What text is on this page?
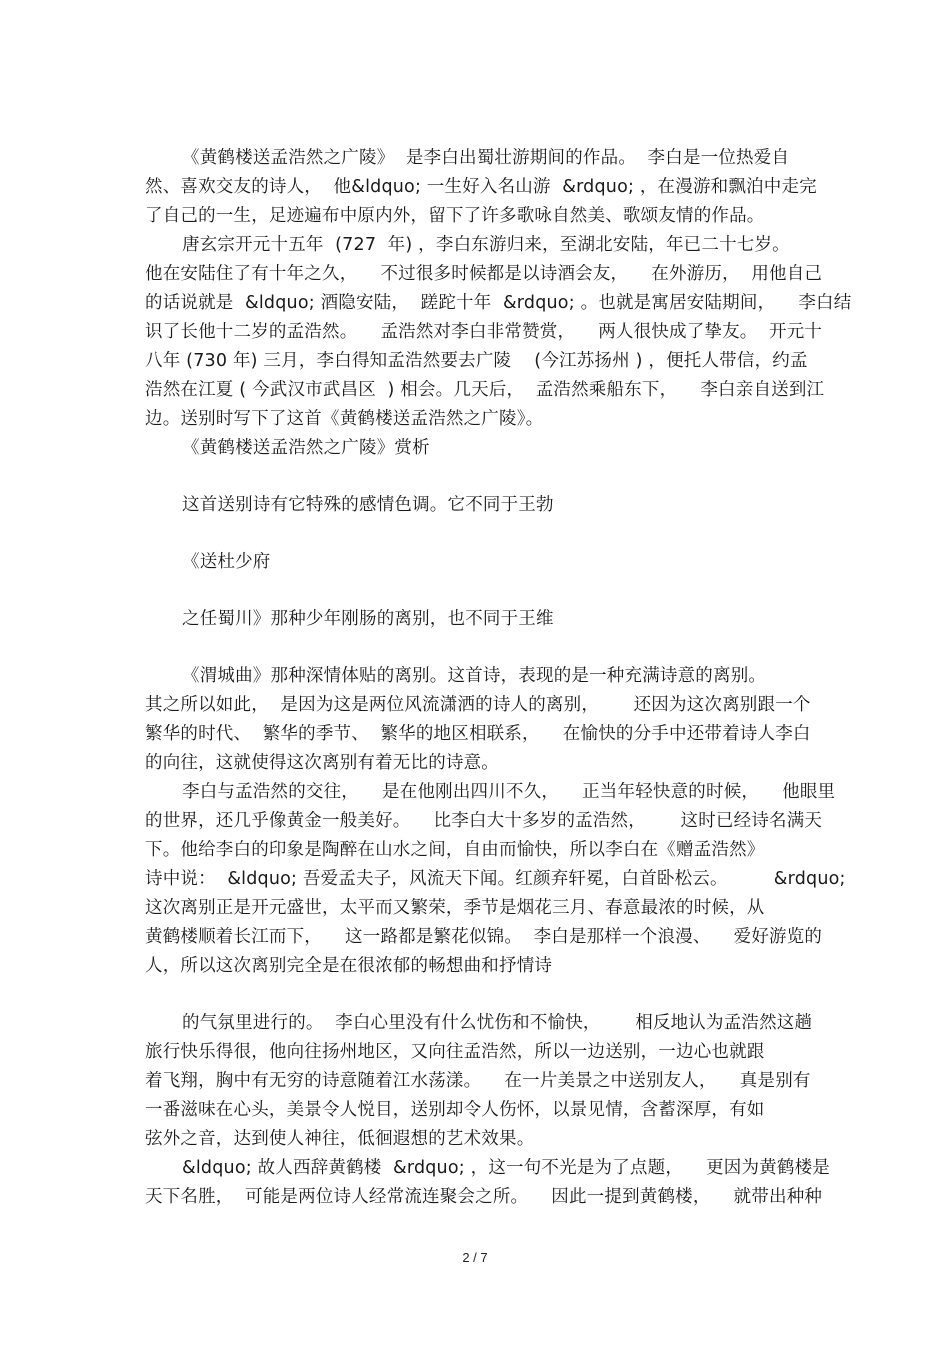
《黄鹤楼送孟浩然之广陵》  是李白出蜀壮游期间的作品。  李白是一位热爱自
然、喜欢交友的诗人，  他&ldquo; 一生好入名山游  &rdquo; ，在漫游和飘泊中走完
了自己的一生，足迹遍布中原内外，留下了许多歌咏自然美、歌颂友情的作品。
唐玄宗开元十五年  (727  年) ，李白东游归来，至湖北安陆，年已二十七岁。
他在安陆住了有十年之久，    不过很多时候都是以诗酒会友，    在外游历，  用他自己
的话说就是  &ldquo; 酒隐安陆，  蹉跎十年  &rdquo; 。也就是寓居安陆期间，    李白结
识了长他十二岁的孟浩然。    孟浩然对李白非常赞赏，    两人很快成了挚友。  开元十
八年 (730 年) 三月，李白得知孟浩然要去广陵    (今江苏扬州 ) ，便托人带信，约孟
浩然在江夏 ( 今武汉市武昌区  ) 相会。几天后，  孟浩然乘船东下，    李白亲自送到江
边。送别时写下了这首《黄鹤楼送孟浩然之广陵》。
《黄鹤楼送孟浩然之广陵》赏析
这首送别诗有它特殊的感情色调。它不同于王勃
《送杜少府
之任蜀川》那种少年刚肠的离别，也不同于王维
《渭城曲》那种深情体贴的离别。这首诗，表现的是一种充满诗意的离别。
其之所以如此，  是因为这是两位风流潇洒的诗人的离别，      还因为这次离别跟一个
繁华的时代、  繁华的季节、  繁华的地区相联系，    在愉快的分手中还带着诗人李白
的向往，这就使得这次离别有着无比的诗意。
李白与孟浩然的交往，    是在他刚出四川不久，    正当年轻快意的时候，    他眼里
的世界，还几乎像黄金一般美好。    比李白大十多岁的孟浩然，      这时已经诗名满天
下。他给李白的印象是陶醉在山水之间，自由而愉快，所以李白在《赠孟浩然》
诗中说：  &ldquo; 吾爱孟夫子，风流天下闻。红颜弃轩冕，白首卧松云。        &rdquo;
这次离别正是开元盛世，太平而又繁荣，季节是烟花三月、春意最浓的时候，从
黄鹤楼顺着长江而下，    这一路都是繁花似锦。  李白是那样一个浪漫、    爱好游览的
人，所以这次离别完全是在很浓郁的畅想曲和抒情诗
的气氛里进行的。  李白心里没有什么忧伤和不愉快，      相反地认为孟浩然这趟
旅行快乐得很，他向往扬州地区，又向往孟浩然，所以一边送别，一边心也就跟
着飞翔，胸中有无穷的诗意随着江水荡漾。    在一片美景之中送别友人，    真是别有
一番滋味在心头，美景令人悦目，送别却令人伤怀，以景见情，含蓄深厚，有如
弦外之音，达到使人神往，低徊遐想的艺术效果。
&ldquo; 故人西辞黄鹤楼  &rdquo; ，这一句不光是为了点题，    更因为黄鹤楼是
天下名胜，  可能是两位诗人经常流连聚会之所。    因此一提到黄鹤楼，    就带出种种
2 / 7
